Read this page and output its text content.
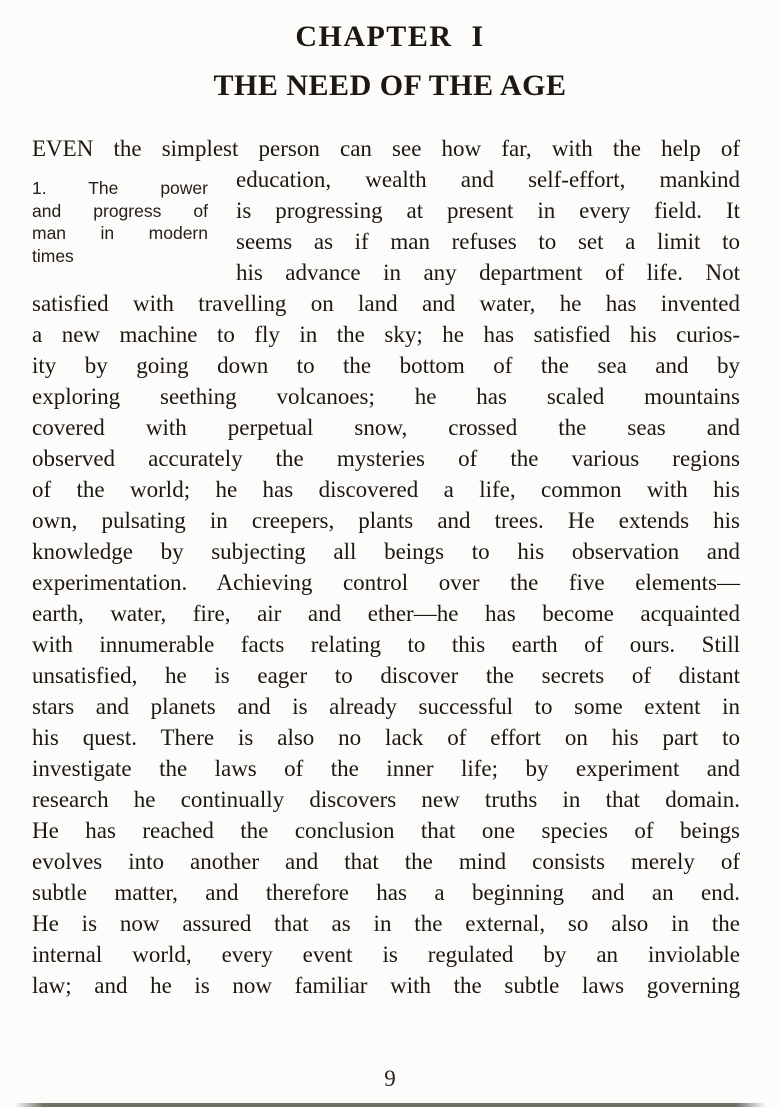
CHAPTER I
THE NEED OF THE AGE
EVEN the simplest person can see how far, with the help of
1. The power
and progress of
man in modern
times
education, wealth and self-effort, mankind
is progressing at present in every field. It
seems as if man refuses to set a limit to
his advance in any department of life. Not
satisfied with travelling on land and water, he has invented
a new machine to fly in the sky; he has satisfied his curios-
ity by going down to the bottom of the sea and by
exploring seething volcanoes; he has scaled mountains
covered with perpetual snow, crossed the seas and
observed accurately the mysteries of the various regions
of the world; he has discovered a life, common with his
own, pulsating in creepers, plants and trees. He extends his
knowledge by subjecting all beings to his observation and
experimentation. Achieving control over the five elements—
earth, water, fire, air and ether—he has become acquainted
with innumerable facts relating to this earth of ours. Still
unsatisfied, he is eager to discover the secrets of distant
stars and planets and is already successful to some extent in
his quest. There is also no lack of effort on his part to
investigate the laws of the inner life; by experiment and
research he continually discovers new truths in that domain.
He has reached the conclusion that one species of beings
evolves into another and that the mind consists merely of
subtle matter, and therefore has a beginning and an end.
He is now assured that as in the external, so also in the
internal world, every event is regulated by an inviolable
law; and he is now familiar with the subtle laws governing
9
